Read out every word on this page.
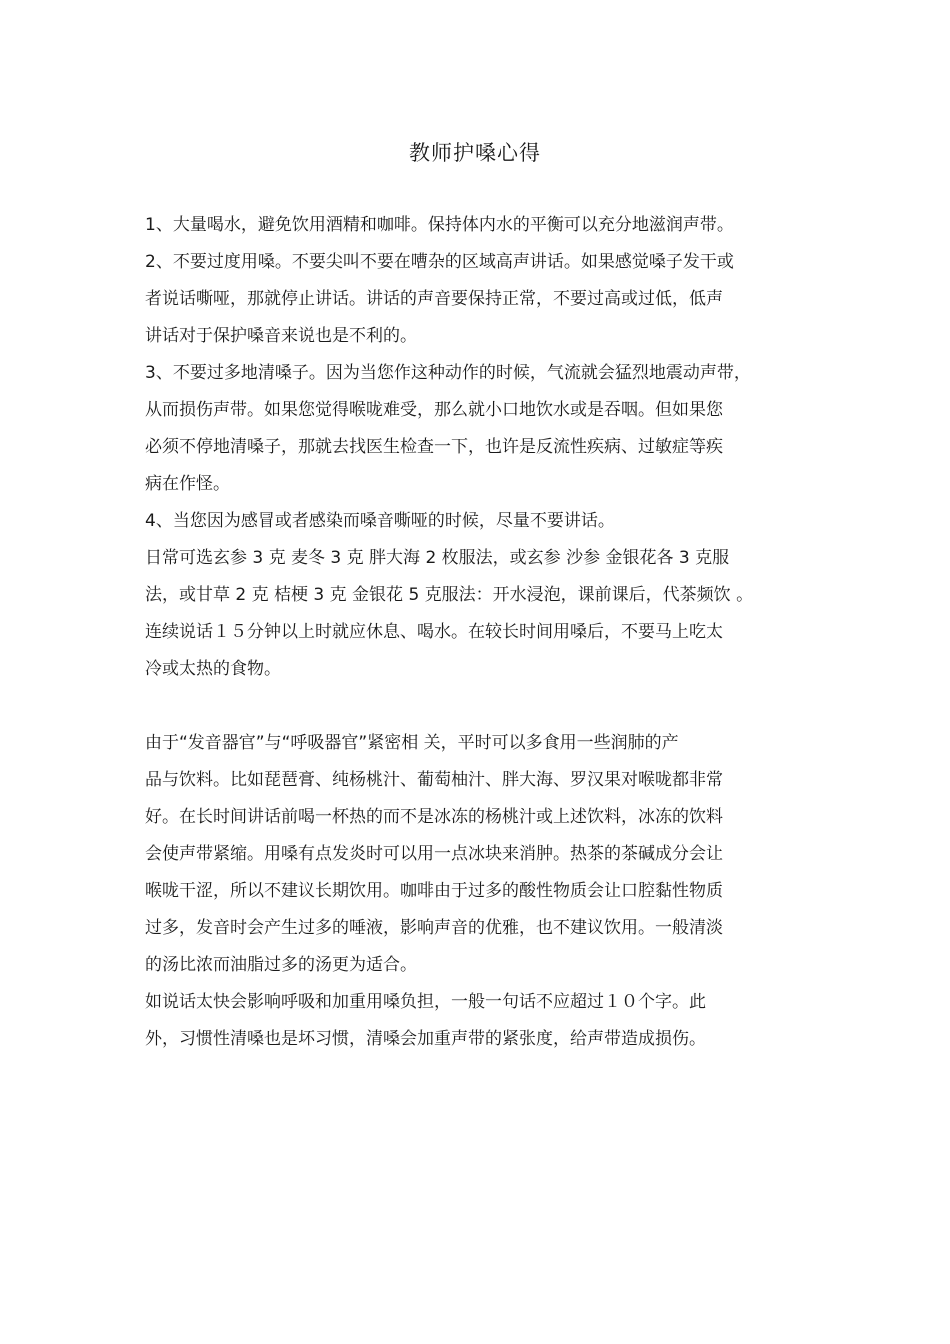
教师护嗓心得
1、大量喝水，避免饮用酒精和咖啡。保持体内水的平衡可以充分地滋润声带。
2、不要过度用嗓。不要尖叫不要在嘈杂的区域高声讲话。如果感觉嗓子发干或
者说话嘶哑，那就停止讲话。讲话的声音要保持正常，不要过高或过低，低声
讲话对于保护嗓音来说也是不利的。
3、不要过多地清嗓子。因为当您作这种动作的时候，气流就会猛烈地震动声带，
从而损伤声带。如果您觉得喉咙难受，那么就小口地饮水或是吞咽。但如果您
必须不停地清嗓子，那就去找医生检查一下，也许是反流性疾病、过敏症等疾
病在作怪。
4、当您因为感冒或者感染而嗓音嘶哑的时候，尽量不要讲话。
日常可选玄参 3 克 麦冬 3 克 胖大海 2 枚服法，或玄参 沙参 金银花各 3 克服
法，或甘草 2 克 桔梗 3 克 金银花 5 克服法：开水浸泡，课前课后，代茶频饮 。
连续说话１５分钟以上时就应休息、喝水。在较长时间用嗓后，不要马上吃太
冷或太热的食物。
由于“发音器官”与“呼吸器官”紧密相 关，平时可以多食用一些润肺的产
品与饮料。比如琵琶膏、纯杨桃汁、葡萄柚汁、胖大海、罗汉果对喉咙都非常
好。在长时间讲话前喝一杯热的而不是冰冻的杨桃汁或上述饮料，冰冻的饮料
会使声带紧缩。用嗓有点发炎时可以用一点冰块来消肿。热茶的茶碱成分会让
喉咙干涩，所以不建议长期饮用。咖啡由于过多的酸性物质会让口腔黏性物质
过多，发音时会产生过多的唾液，影响声音的优雅，也不建议饮用。一般清淡
的汤比浓而油脂过多的汤更为适合。
如说话太快会影响呼吸和加重用嗓负担，一般一句话不应超过１０个字。此
外，习惯性清嗓也是坏习惯，清嗓会加重声带的紧张度，给声带造成损伤。
